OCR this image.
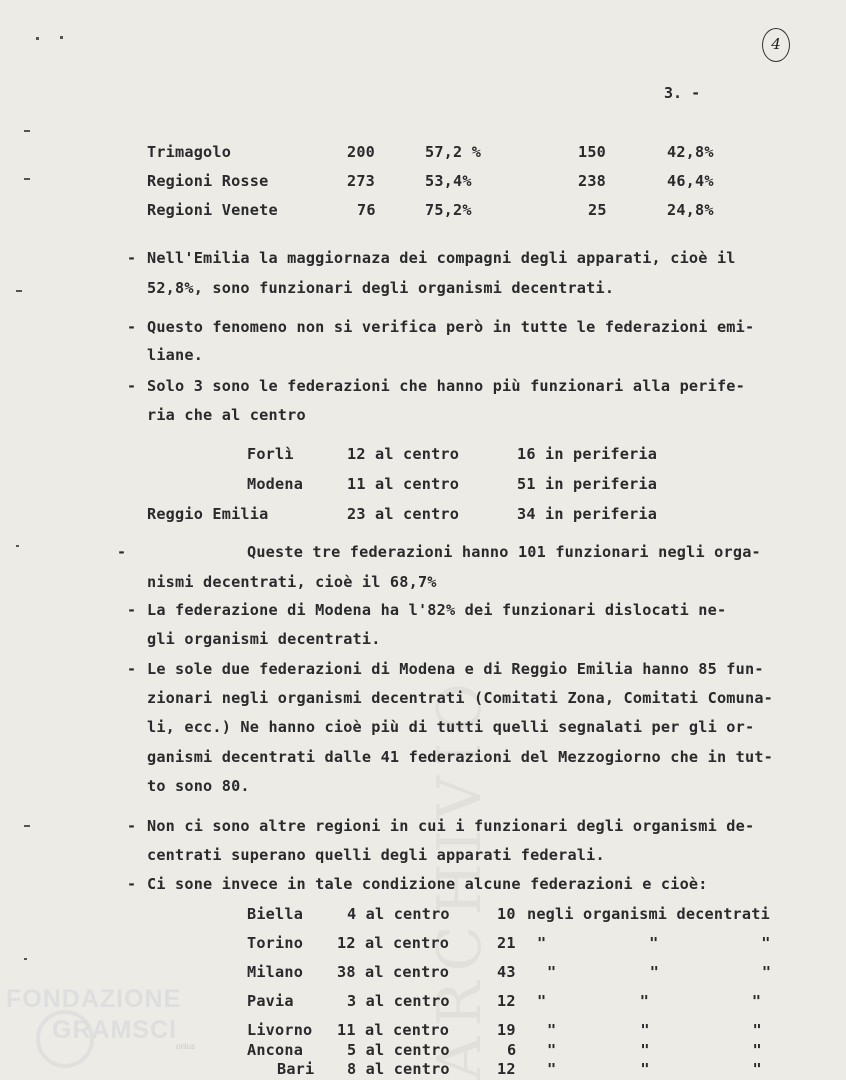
ARCHIVIO
4
3. -
Trimagolo	200	57,2 %	150	42,8%
Regioni Rosse	273	53,4%	238	46,4%
Regioni Venete	76	75,2%	25	24,8%
- Nell'Emilia la maggiornaza dei compagni degli apparati, cioè il
52,8%, sono funzionari degli organismi decentrati.
- Questo fenomeno non si verifica però in tutte le federazioni emi-
liane.
- Solo 3 sono le federazioni che hanno più funzionari alla perife-
ria che al centro
Forlì	12 al centro	16 in periferia
Modena	11 al centro	51 in periferia
Reggio Emilia	23 al centro	34 in periferia
-	Queste tre federazioni hanno 101 funzionari negli orga-
nismi decentrati, cioè il 68,7%
- La federazione di Modena ha l'82% dei funzionari dislocati ne-
gli organismi decentrati.
- Le sole due federazioni di Modena e di Reggio Emilia hanno 85 fun-
zionari negli organismi decentrati (Comitati Zona, Comitati Comuna-
li, ecc.) Ne hanno cioè più di tutti quelli segnalati per gli or-
ganismi decentrati dalle 41 federazioni del Mezzogiorno che in tut-
to sono 80.
- Non ci sono altre regioni in cui i funzionari degli organismi de-
centrati superano quelli degli apparati federali.
- Ci sone invece in tale condizione alcune federazioni e cioè:
Biella	4 al centro	10 negli organismi decentrati
Torino 12 al centro	21 "           "           "
Milano 38 al centro	43 "          "           "
Pavia	3 al centro	12 "          "           "
Livorno 11 al centro	19 "         "           "
Ancona	5 al centro	6 "         "           "
Bari 8 al centro	12 "         "           "
FONDAZIONE
GRAMSCI
onlus
